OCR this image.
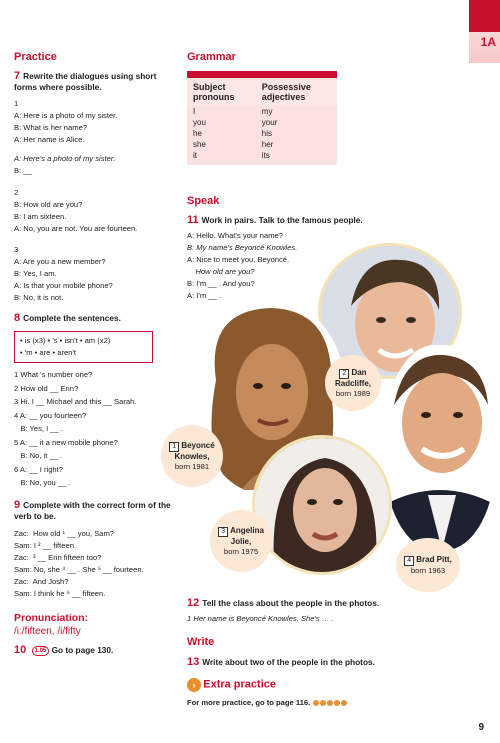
1A
Practice
7 Rewrite the dialogues using short forms where possible.
1
A: Here is a photo of my sister.
B: What is her name?
A: Her name is Alice.
A: Here's a photo of my sister.
B: __
2
B: How old are you?
B: I am sixteen.
A: No, you are not. You are fourteen.
3
A: Are you a new member?
B: Yes, I am.
A: Is that your mobile phone?
B: No, it is not.
8 Complete the sentences.
• is (x3) • 's • isn't • am (x2)
• 'm • are • aren't
1 What 's number one?
2 How old __ Erin?
3 Hi. I __ Michael and this __ Sarah.
4 A: __ you fourteen?
B: Yes, I __ .
5 A: __ it a new mobile phone?
B: No, it __ .
6 A: __ I right?
B: No, you __ .
9 Complete with the correct form of the verb to be.
Zac:  How old ¹ __ you, Sam?
Sam: I ² __ fifteen.
Zac:  ³ __ Erin fifteen too?
Sam: No, she ⁴ __ . She ⁵ __ fourteen.
Zac:  And Josh?
Sam: I think he ⁶ __ fifteen.
Pronunciation:
/iː/fifteen, /i/fifty
10 1.05 Go to page 130.
Grammar
Subject pronouns	Possessive adjectives
I	my
you	your
he	his
she	her
it	its
Speak
11 Work in pairs. Talk to the famous people.
A: Hello. What's your name?
B: My name's Beyoncé Knowles.
A: Nice to meet you, Beyoncé.
How old are you?
B: I'm __ . And you?
A: I'm __ .
2 Dan Radcliffe,
born 1989
1 Beyoncé Knowles,
born 1981
3 Angelina Jolie,
born 1975
4 Brad Pitt,
born 1963
12 Tell the class about the people in the photos.
1 Her name is Beyoncé Knowles. She's … .
Write
13 Write about two of the people in the photos.
› Extra practice
For more practice, go to page 116.
9
